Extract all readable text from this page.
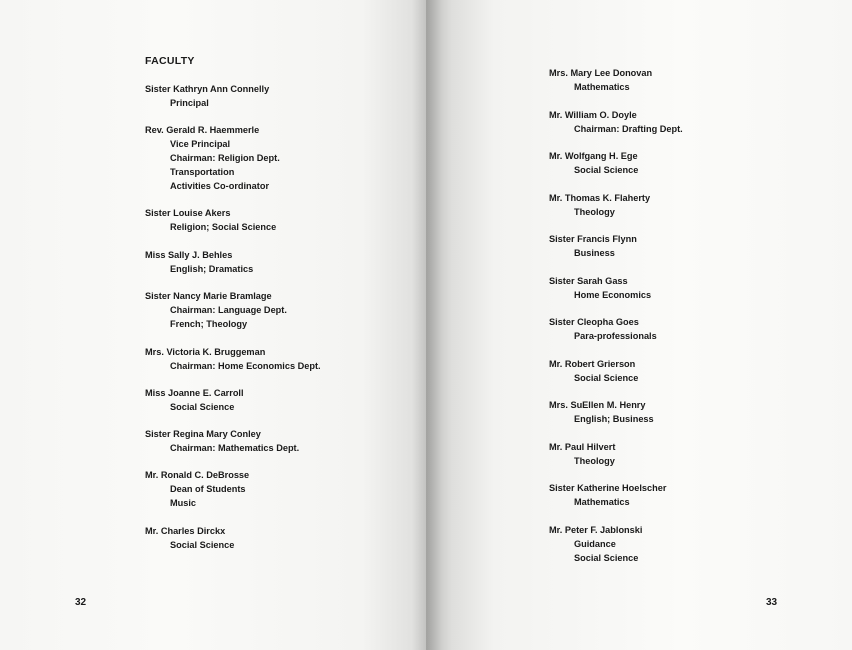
FACULTY
Sister Kathryn Ann Connelly
Principal
Rev. Gerald R. Haemmerle
Vice Principal
Chairman: Religion Dept.
Transportation
Activities Co-ordinator
Sister Louise Akers
Religion; Social Science
Miss Sally J. Behles
English; Dramatics
Sister Nancy Marie Bramlage
Chairman: Language Dept.
French; Theology
Mrs. Victoria K. Bruggeman
Chairman: Home Economics Dept.
Miss Joanne E. Carroll
Social Science
Sister Regina Mary Conley
Chairman: Mathematics Dept.
Mr. Ronald C. DeBrosse
Dean of Students
Music
Mr. Charles Dirckx
Social Science
32
Mrs. Mary Lee Donovan
Mathematics
Mr. William O. Doyle
Chairman: Drafting Dept.
Mr. Wolfgang H. Ege
Social Science
Mr. Thomas K. Flaherty
Theology
Sister Francis Flynn
Business
Sister Sarah Gass
Home Economics
Sister Cleopha Goes
Para-professionals
Mr. Robert Grierson
Social Science
Mrs. SuEllen M. Henry
English; Business
Mr. Paul Hilvert
Theology
Sister Katherine Hoelscher
Mathematics
Mr. Peter F. Jablonski
Guidance
Social Science
33
